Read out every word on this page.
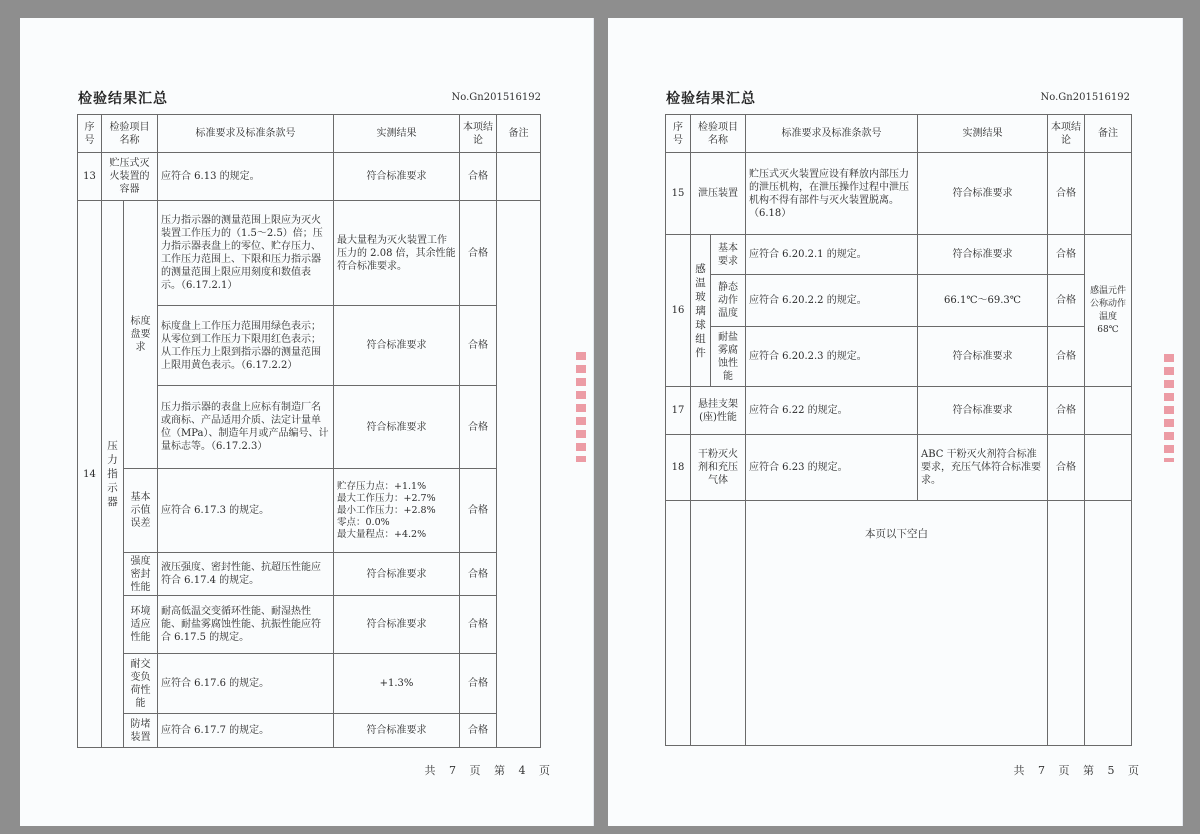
检验结果汇总	No.Gn201516192
序号	检验项目名称		标准要求及标准条款号	实测结果	本项结论	备注
13	贮压式灭火装置的容器		应符合 6.13 的规定。	符合标准要求	合格	
14	压力指示器	标度盘要求	压力指示器的测量范围上限应为灭火装置工作压力的（1.5～2.5）倍；压力指示器表盘上的零位、贮存压力、工作压力范围上、下限和压力指示器的测量范围上限应用刻度和数值表示。（6.17.2.1）	最大量程为灭火装置工作压力的 2.08 倍，其余性能符合标准要求。	合格	
			标度盘上工作压力范围用绿色表示；从零位到工作压力下限用红色表示；从工作压力上限到指示器的测量范围上限用黄色表示。（6.17.2.2）	符合标准要求	合格	
			压力指示器的表盘上应标有制造厂名或商标、产品适用介质、法定计量单位（MPa）、制造年月或产品编号、计量标志等。（6.17.2.3）	符合标准要求	合格	
		基本示值误差	应符合 6.17.3 的规定。	贮存压力点：+1.1%
最大工作压力：+2.7%
最小工作压力：+2.8%
零点：0.0%
最大量程点：+4.2%	合格	
		强度密封性能	液压强度、密封性能、抗超压性能应符合 6.17.4 的规定。	符合标准要求	合格	
		环境适应性能	耐高低温交变循环性能、耐湿热性能、耐盐雾腐蚀性能、抗振性能应符合 6.17.5 的规定。	符合标准要求	合格	
		耐交变负荷性能	应符合 6.17.6 的规定。	+1.3%	合格	
		防堵装置	应符合 6.17.7 的规定。	符合标准要求	合格	
共 7 页 第 4 页
检验结果汇总	No.Gn201516192
序号	检验项目名称		标准要求及标准条款号	实测结果	本项结论	备注
15	泄压装置		贮压式灭火装置应设有释放内部压力的泄压机构，在泄压操作过程中泄压机构不得有部件与灭火装置脱离。（6.18）	符合标准要求	合格	
16	感温玻璃球组件	基本要求	应符合 6.20.2.1 的规定。	符合标准要求	合格	感温元件公称动作温度 68℃
		静态动作温度	应符合 6.20.2.2 的规定。	66.1℃～69.3℃	合格	
		耐盐雾腐蚀性能	应符合 6.20.2.3 的规定。	符合标准要求	合格	
17	悬挂支架(座)性能		应符合 6.22 的规定。	符合标准要求	合格	
18	干粉灭火剂和充压气体		应符合 6.23 的规定。	ABC 干粉灭火剂符合标准要求，充压气体符合标准要求。	合格	

			本页以下空白			

共 7 页 第 5 页
